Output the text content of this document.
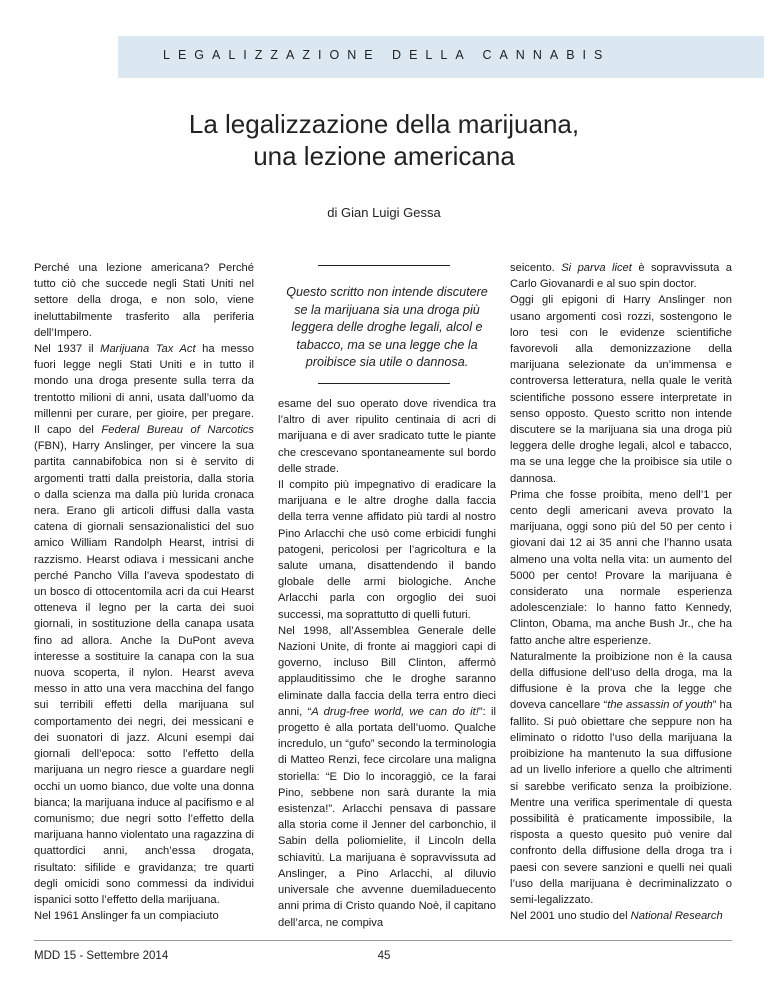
LEGALIZZAZIONE DELLA CANNABIS
La legalizzazione della marijuana,
una lezione americana
di Gian Luigi Gessa

Perché una lezione americana? Perché tutto ciò che succede negli Stati Uniti nel settore della droga, e non solo, viene ineluttabilmente trasferito alla periferia dell’Impero.

Nel 1937 il Marijuana Tax Act ha messo fuori legge negli Stati Uniti e in tutto il mondo una droga presente sulla terra da trentotto milioni di anni, usata dall’uomo da millenni per curare, per gioire, per pregare. Il capo del Federal Bureau of Narcotics (FBN), Harry Anslinger, per vincere la sua partita cannabifobica non si è servito di argomenti tratti dalla preistoria, dalla storia o dalla scienza ma dalla più lurida cronaca nera. Erano gli articoli diffusi dalla vasta catena di giornali sensazionalistici del suo amico William Randolph Hearst, intrisi di razzismo. Hearst odiava i messicani anche perché Pancho Villa l’aveva spodestato di un bosco di ottocentomila acri da cui Hearst otteneva il legno per la carta dei suoi giornali, in sostituzione della canapa usata fino ad allora. Anche la DuPont aveva interesse a sostituire la canapa con la sua nuova scoperta, il nylon. Hearst aveva messo in atto una vera macchina del fango sui terribili effetti della marijuana sul comportamento dei negri, dei messicani e dei suonatori di jazz. Alcuni esempi dai giornali dell’epoca: sotto l’effetto della marijuana un negro riesce a guardare negli occhi un uomo bianco, due volte una donna bianca; la marijuana induce al pacifismo e al comunismo; due negri sotto l’effetto della marijuana hanno violentato una ragazzina di quattordici anni, anch’essa drogata, risultato: sifilide e gravidanza; tre quarti degli omicidi sono commessi da individui ispanici sotto l’effetto della marijuana.

Nel 1961 Anslinger fa un compiaciuto

Questo scritto non intende discutere se la marijuana sia una droga più leggera delle droghe legali, alcol e tabacco, ma se una legge che la proibisce sia utile o dannosa.

esame del suo operato dove rivendica tra l’altro di aver ripulito centinaia di acri di marijuana e di aver sradicato tutte le piante che crescevano spontaneamente sul bordo delle strade.

Il compito più impegnativo di eradicare la marijuana e le altre droghe dalla faccia della terra venne affidato più tardi al nostro Pino Arlacchi che usò come erbicidi funghi patogeni, pericolosi per l’agricoltura e la salute umana, disattendendo il bando globale delle armi biologiche. Anche Arlacchi parla con orgoglio dei suoi successi, ma soprattutto di quelli futuri.

Nel 1998, all’Assemblea Generale delle Nazioni Unite, di fronte ai maggiori capi di governo, incluso Bill Clinton, affermò applauditissimo che le droghe saranno eliminate dalla faccia della terra entro dieci anni, “A drug-free world, we can do it!”: il progetto è alla portata dell’uomo. Qualche incredulo, un “gufo” secondo la terminologia di Matteo Renzi, fece circolare una maligna storiella: “E Dio lo incoraggiò, ce la farai Pino, sebbene non sarà durante la mia esistenza!”. Arlacchi pensava di passare alla storia come il Jenner del carbonchio, il Sabin della poliomielite, il Lincoln della schiavitù. La marijuana è sopravvissuta ad Anslinger, a Pino Arlacchi, al diluvio universale che avvenne duemiladuecento anni prima di Cristo quando Noè, il capitano dell’arca, ne compiva

seicento. Si parva licet è sopravvissuta a Carlo Giovanardi e al suo spin doctor.

Oggi gli epigoni di Harry Anslinger non usano argomenti così rozzi, sostengono le loro tesi con le evidenze scientifiche favorevoli alla demonizzazione della marijuana selezionate da un’immensa e controversa letteratura, nella quale le verità scientifiche possono essere interpretate in senso opposto. Questo scritto non intende discutere se la marijuana sia una droga più leggera delle droghe legali, alcol e tabacco, ma se una legge che la proibisce sia utile o dannosa.

Prima che fosse proibita, meno dell’1 per cento degli americani aveva provato la marijuana, oggi sono più del 50 per cento i giovani dai 12 ai 35 anni che l’hanno usata almeno una volta nella vita: un aumento del 5000 per cento! Provare la marijuana è considerato una normale esperienza adolescenziale: lo hanno fatto Kennedy, Clinton, Obama, ma anche Bush Jr., che ha fatto anche altre esperienze.

Naturalmente la proibizione non è la causa della diffusione dell’uso della droga, ma la diffusione è la prova che la legge che doveva cancellare “the assassin of youth” ha fallito. Si può obiettare che seppure non ha eliminato o ridotto l’uso della marijuana la proibizione ha mantenuto la sua diffusione ad un livello inferiore a quello che altrimenti si sarebbe verificato senza la proibizione. Mentre una verifica sperimentale di questa possibilità è praticamente impossibile, la risposta a questo quesito può venire dal confronto della diffusione della droga tra i paesi con severe sanzioni e quelli nei quali l’uso della marijuana è decriminalizzato o semi-legalizzato.

Nel 2001 uno studio del National Research

MDD 15 - Settembre 2014	45
